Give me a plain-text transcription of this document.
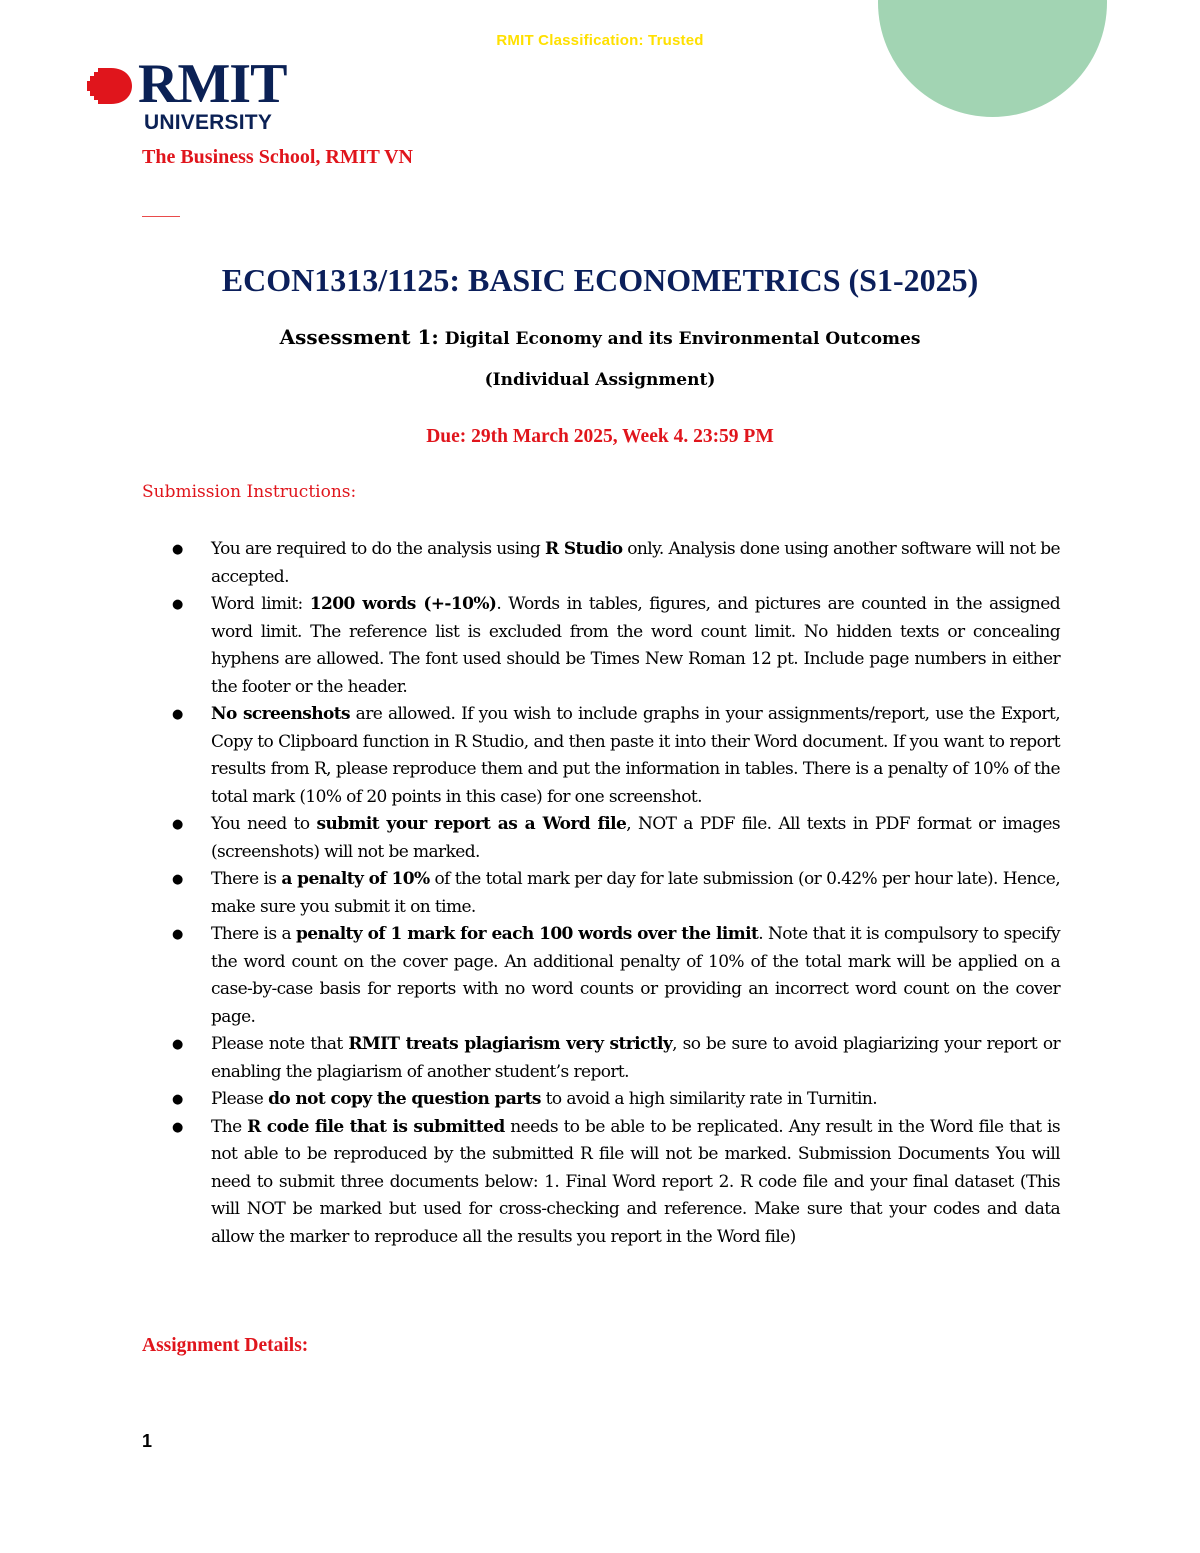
RMIT Classification: Trusted
RMIT
UNIVERSITY
The Business School, RMIT VN
ECON1313/1125: BASIC ECONOMETRICS (S1-2025)
Assessment 1: Digital Economy and its Environmental Outcomes
(Individual Assignment)
Due: 29th March 2025, Week 4. 23:59 PM
Submission Instructions:
● You are required to do the analysis using R Studio only. Analysis done using another software will not be accepted.
● Word limit: 1200 words (+-10%). Words in tables, figures, and pictures are counted in the assigned word limit. The reference list is excluded from the word count limit. No hidden texts or concealing hyphens are allowed. The font used should be Times New Roman 12 pt. Include page numbers in either the footer or the header.
● No screenshots are allowed. If you wish to include graphs in your assignments/report, use the Export, Copy to Clipboard function in R Studio, and then paste it into their Word document. If you want to report results from R, please reproduce them and put the information in tables. There is a penalty of 10% of the total mark (10% of 20 points in this case) for one screenshot.
● You need to submit your report as a Word file, NOT a PDF file. All texts in PDF format or images (screenshots) will not be marked.
● There is a penalty of 10% of the total mark per day for late submission (or 0.42% per hour late). Hence, make sure you submit it on time.
● There is a penalty of 1 mark for each 100 words over the limit. Note that it is compulsory to specify the word count on the cover page. An additional penalty of 10% of the total mark will be applied on a case-by-case basis for reports with no word counts or providing an incorrect word count on the cover page.
● Please note that RMIT treats plagiarism very strictly, so be sure to avoid plagiarizing your report or enabling the plagiarism of another student’s report.
● Please do not copy the question parts to avoid a high similarity rate in Turnitin.
● The R code file that is submitted needs to be able to be replicated. Any result in the Word file that is not able to be reproduced by the submitted R file will not be marked. Submission Documents You will need to submit three documents below: 1. Final Word report 2. R code file and your final dataset (This will NOT be marked but used for cross-checking and reference. Make sure that your codes and data allow the marker to reproduce all the results you report in the Word file)
Assignment Details:
1
